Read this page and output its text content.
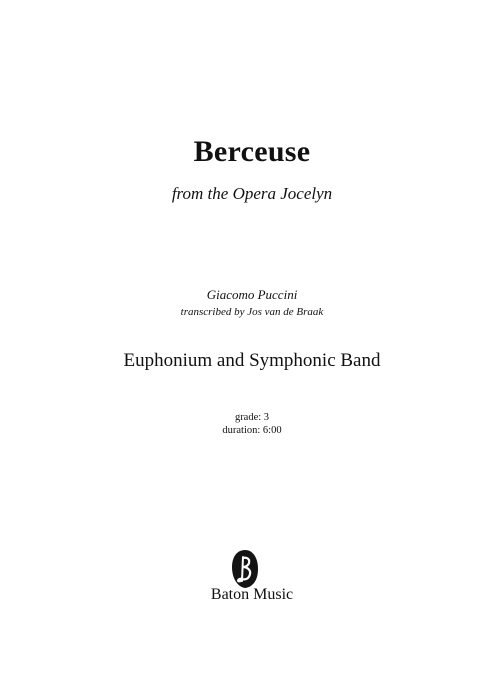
Berceuse
from the Opera Jocelyn
Giacomo Puccini
transcribed by Jos van de Braak
Euphonium and Symphonic Band
grade: 3
duration: 6:00
Baton Music
